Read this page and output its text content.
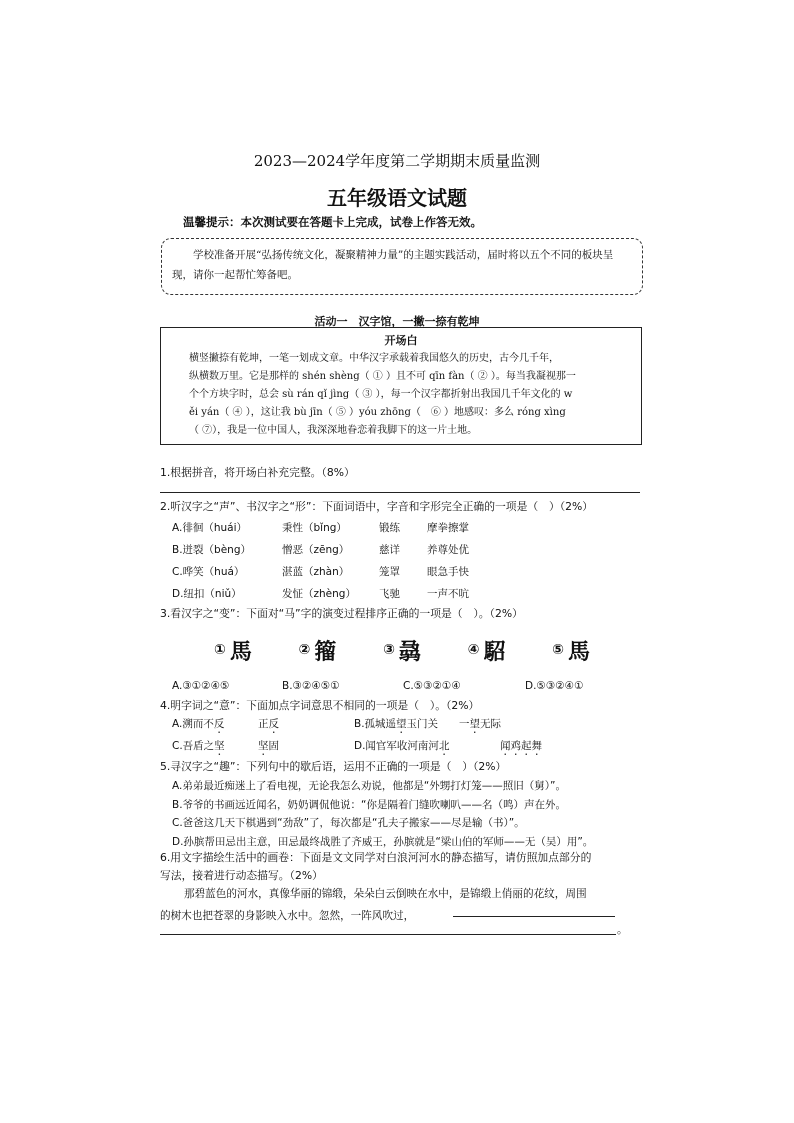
2023—2024学年度第二学期期末质量监测
五年级语文试题
温馨提示：本次测试要在答题卡上完成，试卷上作答无效。

学校准备开展“弘扬传统文化，凝聚精神力量”的主题实践活动，届时将以五个不同的板块呈现，请你一起帮忙筹备吧。

活动一　汉字馆，一撇一捺有乾坤
开场白
横竖撇捺有乾坤，一笔一划成文章。中华汉字承载着我国悠久的历史，古今几千年，
纵横数万里。它是那样的 shén shèng（ ① ）且不可 qīn fàn（ ② ）。每当我凝视那一
个个方块字时，总会 sù rán qǐ jìng（ ③ ），每一个汉字都折射出我国几千年文化的 w
ěi yán（ ④ ），这让我 bù jīn（ ⑤ ）yóu zhōng（　⑥ ）地感叹：多么 róng xìng
（ ⑦），我是一位中国人，我深深地眷恋着我脚下的这一片土地。
1.根据拼音，将开场白补充完整。（8%）
2.听汉字之“声”、书汉字之“形”：下面词语中，字音和字形完全正确的一项是（　）（2%）
A.徘徊（huái）	秉性（bǐng）	锻练	摩拳擦掌
B.迸裂（bèng）	憎恶（zēng）	慈详	养尊处优
C.哗笑（huá）	湛蓝（zhàn）	笼罩	眼急手快
D.纽扣（niǔ）	发怔（zhèng） 飞驰	一声不吭
3.看汉字之“变”：下面对“马”字的演变过程排序正确的一项是（　）。（2%）
① 馬	② 籀	③ 骉	④ 駋	⑤ 馬
A.③①②④⑤	B.③②④⑤①	C.⑤③②①④	D.⑤③②④①
4.明字词之“意”：下面加点字词意思不相同的一项是（　）。（2%）
A.溯而不反	正反	B.孤城遥望玉门关　　一望无际
C.吾盾之坚	坚固	D.闻官军收河南河北	闻鸡起舞
5.寻汉字之“趣”：下列句中的歇后语，运用不正确的一项是（　）（2%）
A.弟弟最近痴迷上了看电视，无论我怎么劝说，他都是“外甥打灯笼——照旧（舅）”。
B.爷爷的书画远近闻名，奶奶调侃他说：“你是隔着门缝吹喇叭——名（鸣）声在外。
C.爸爸这几天下棋遇到“劲敌”了，每次都是“孔夫子搬家——尽是输（书）”。
D.孙膑帮田忌出主意，田忌最终战胜了齐威王，孙膑就是“梁山伯的军师——无（吴）用”。
6.用文字描绘生活中的画卷：下面是文文同学对白浪河河水的静态描写，请仿照加点部分的
写法，接着进行动态描写。（2%）
那碧蓝色的河水，真像华丽的锦缎，朵朵白云倒映在水中，是锦缎上俏丽的花纹，周围
的树木也把苍翠的身影映入水中。忽然，一阵风吹过，
。
